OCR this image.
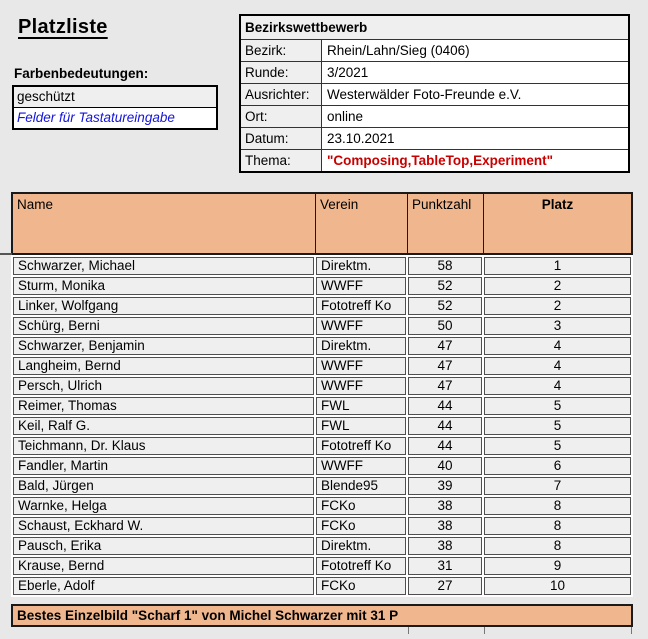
Platzliste
Farbenbedeutungen:
geschützt
Felder für Tastatureingabe
Bezirkswettbewerb
Bezirk:	Rhein/Lahn/Sieg (0406)
Runde:	3/2021
Ausrichter:	Westerwälder Foto-Freunde e.V.
Ort:	online
Datum:	23.10.2021
Thema:	"Composing,TableTop,Experiment"
Name	Verein	Punktzahl	Platz
Schwarzer, Michael	Direktm.	58	1
Sturm, Monika	WWFF	52	2
Linker, Wolfgang	Fototreff Ko	52	2
Schürg, Berni	WWFF	50	3
Schwarzer, Benjamin	Direktm.	47	4
Langheim, Bernd	WWFF	47	4
Persch, Ulrich	WWFF	47	4
Reimer, Thomas	FWL	44	5
Keil, Ralf G.	FWL	44	5
Teichmann, Dr. Klaus	Fototreff Ko	44	5
Fandler, Martin	WWFF	40	6
Bald, Jürgen	Blende95	39	7
Warnke, Helga	FCKo	38	8
Schaust, Eckhard W.	FCKo	38	8
Pausch, Erika	Direktm.	38	8
Krause, Bernd	Fototreff Ko	31	9
Eberle, Adolf	FCKo	27	10
Bestes Einzelbild "Scharf 1" von Michel Schwarzer mit 31 P
